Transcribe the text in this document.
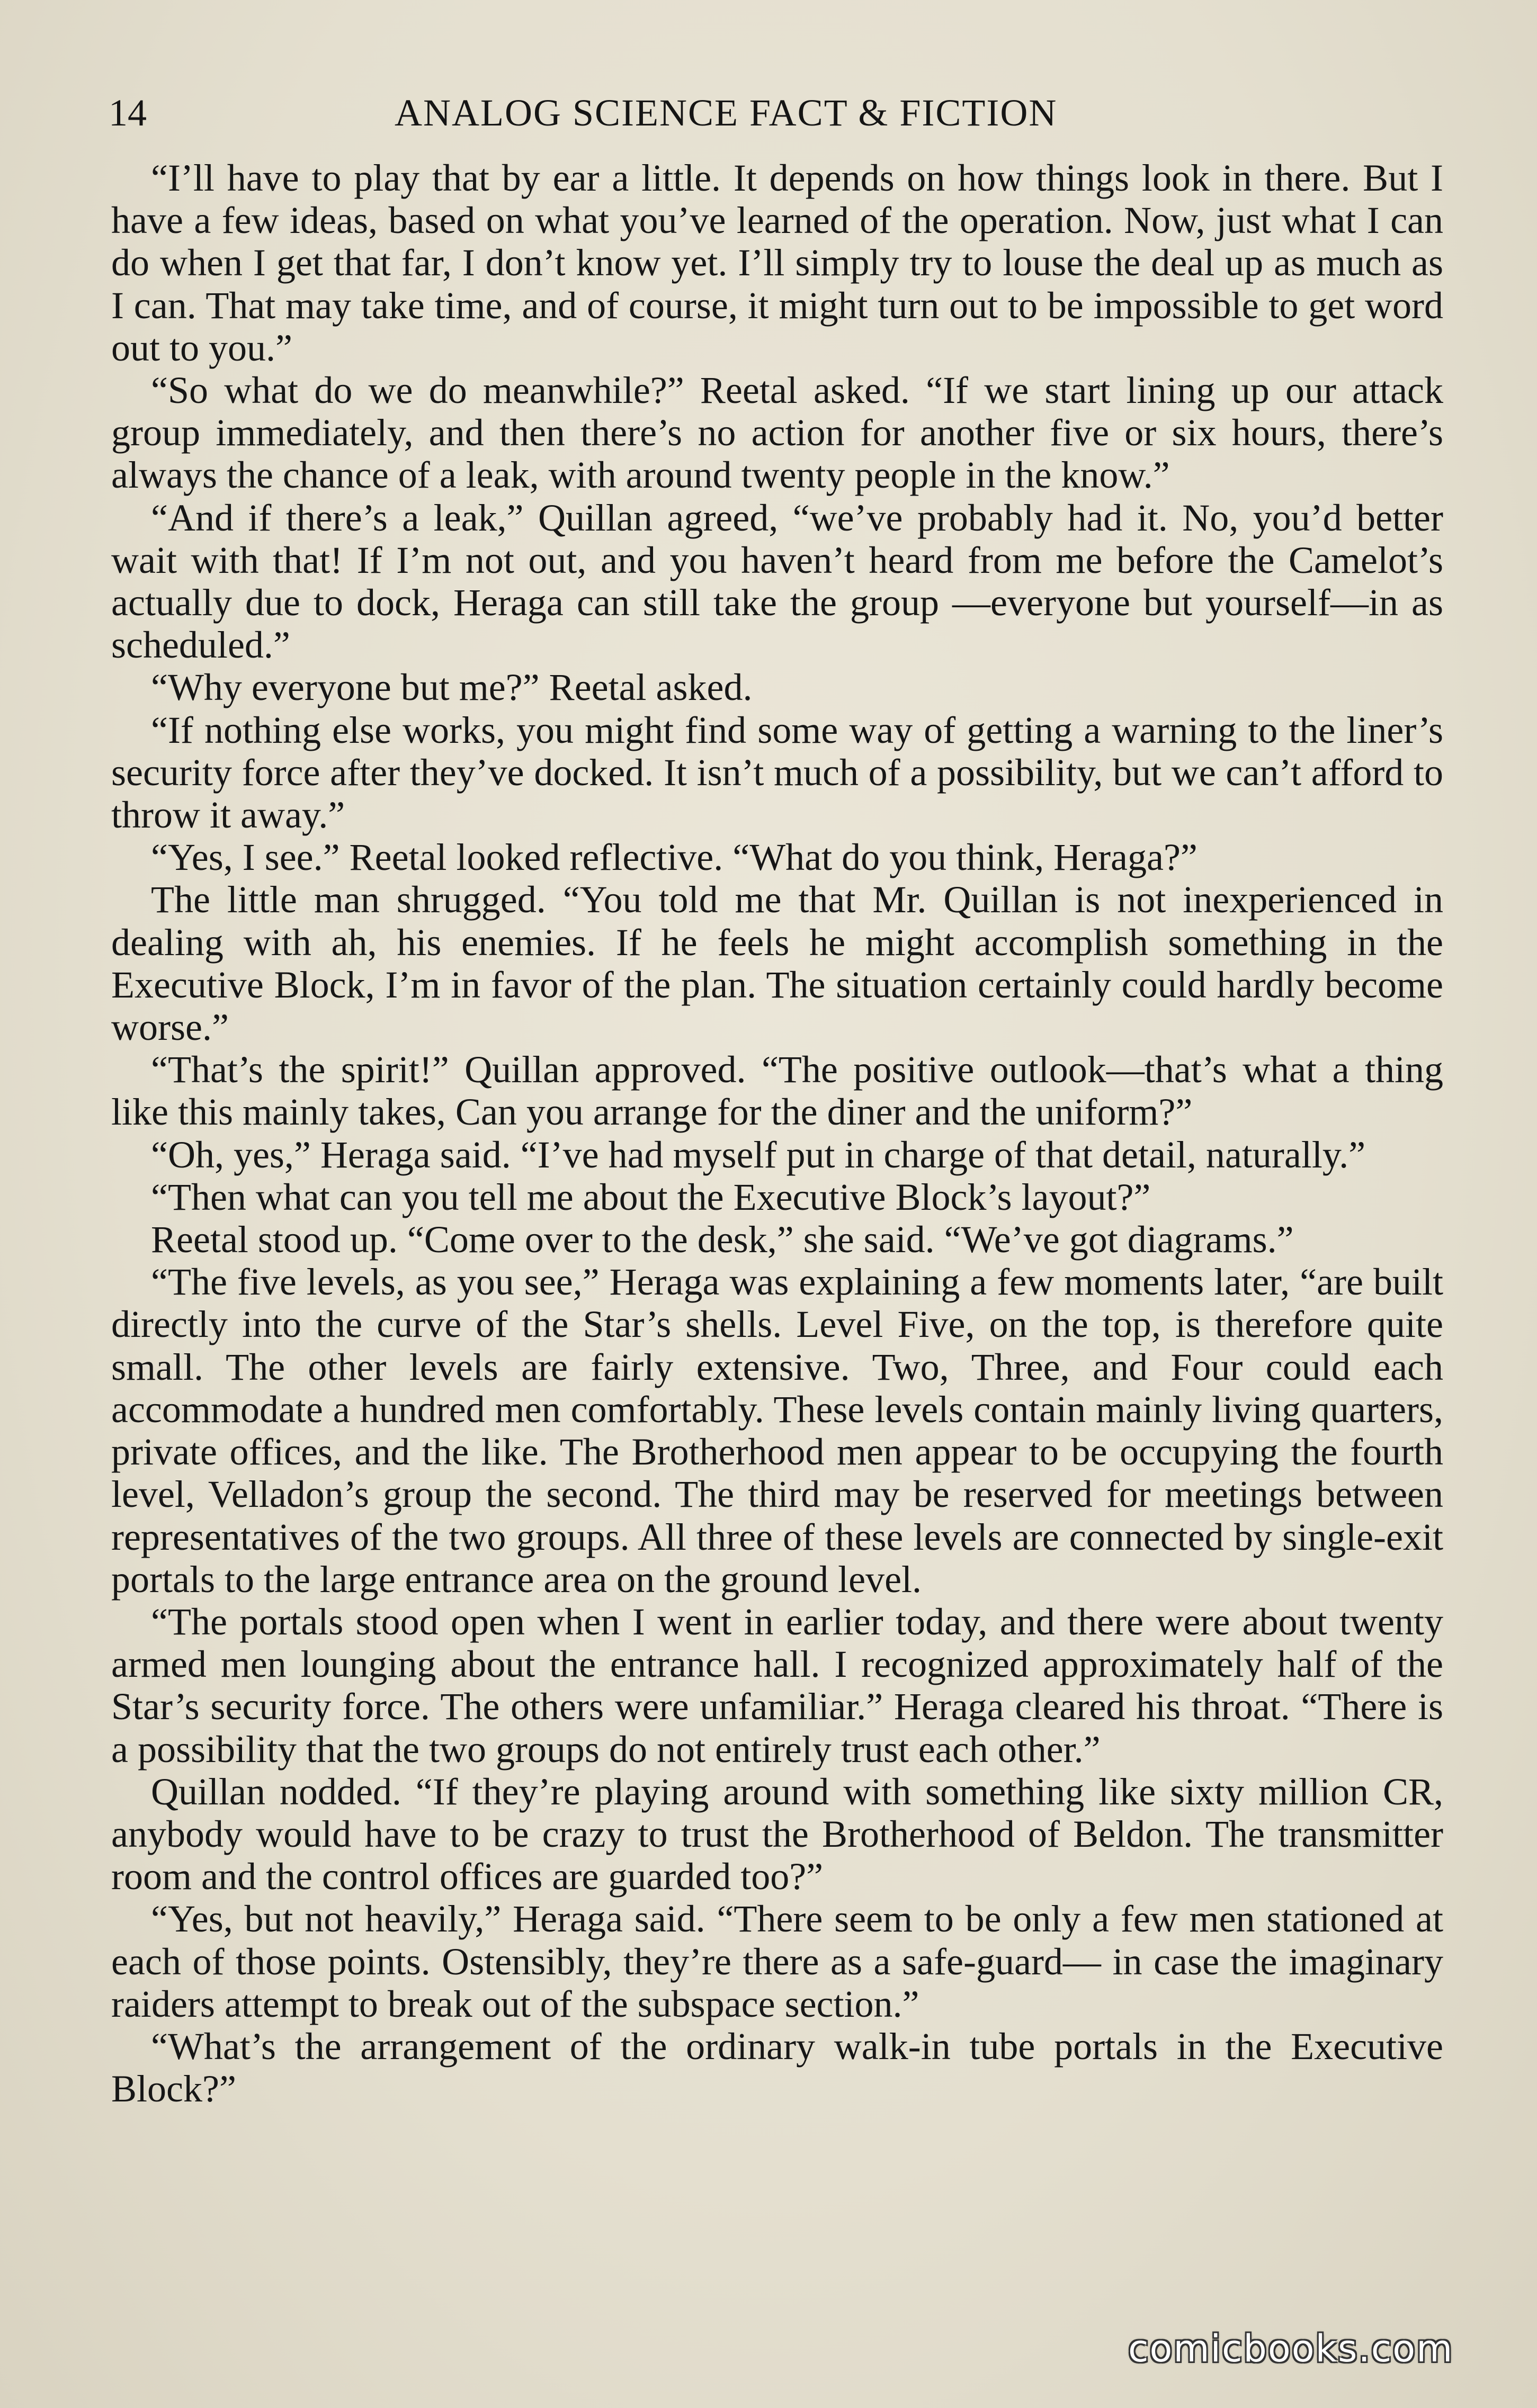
14	ANALOG SCIENCE FACT & FICTION

“I’ll have to play that by ear a little. It depends on how things look in there. But I have a few ideas, based on what you’ve learned of the operation. Now, just what I can do when I get that far, I don’t know yet. I’ll simply try to louse the deal up as much as I can. That may take time, and of course, it might turn out to be impossible to get word out to you.”

“So what do we do meanwhile?” Reetal asked. “If we start lining up our attack group immediately, and then there’s no action for another five or six hours, there’s always the chance of a leak, with around twenty people in the know.”

“And if there’s a leak,” Quillan agreed, “we’ve probably had it. No, you’d better wait with that! If I’m not out, and you haven’t heard from me before the Camelot’s actually due to dock, Heraga can still take the group —everyone but yourself—in as scheduled.”

“Why everyone but me?” Reetal asked.

“If nothing else works, you might find some way of getting a warning to the liner’s security force after they’ve docked. It isn’t much of a possibility, but we can’t afford to throw it away.”

“Yes, I see.” Reetal looked reflective. “What do you think, Heraga?”

The little man shrugged. “You told me that Mr. Quillan is not inexperienced in dealing with ah, his enemies. If he feels he might accomplish something in the Executive Block, I’m in favor of the plan. The situation certainly could hardly become worse.”

“That’s the spirit!” Quillan approved. “The positive outlook—that’s what a thing like this mainly takes, Can you arrange for the diner and the uniform?”

“Oh, yes,” Heraga said. “I’ve had myself put in charge of that detail, naturally.”

“Then what can you tell me about the Executive Block’s layout?”

Reetal stood up. “Come over to the desk,” she said. “We’ve got diagrams.”

“The five levels, as you see,” Heraga was explaining a few moments later, “are built directly into the curve of the Star’s shells. Level Five, on the top, is therefore quite small. The other levels are fairly extensive. Two, Three, and Four could each accommodate a hundred men comfortably. These levels contain mainly living quarters, private offices, and the like. The Brotherhood men appear to be occupying the fourth level, Velladon’s group the second. The third may be reserved for meetings between representatives of the two groups. All three of these levels are connected by single-exit portals to the large entrance area on the ground level.

“The portals stood open when I went in earlier today, and there were about twenty armed men lounging about the entrance hall. I recognized approximately half of the Star’s security force. The others were unfamiliar.” Heraga cleared his throat. “There is a possibility that the two groups do not entirely trust each other.”

Quillan nodded. “If they’re playing around with something like sixty million CR, anybody would have to be crazy to trust the Brotherhood of Beldon. The transmitter room and the control offices are guarded too?”

“Yes, but not heavily,” Heraga said. “There seem to be only a few men stationed at each of those points. Ostensibly, they’re there as a safe-guard— in case the imaginary raiders attempt to break out of the subspace section.”

“What’s the arrangement of the ordinary walk-in tube portals in the Executive Block?”

comicbooks.com
